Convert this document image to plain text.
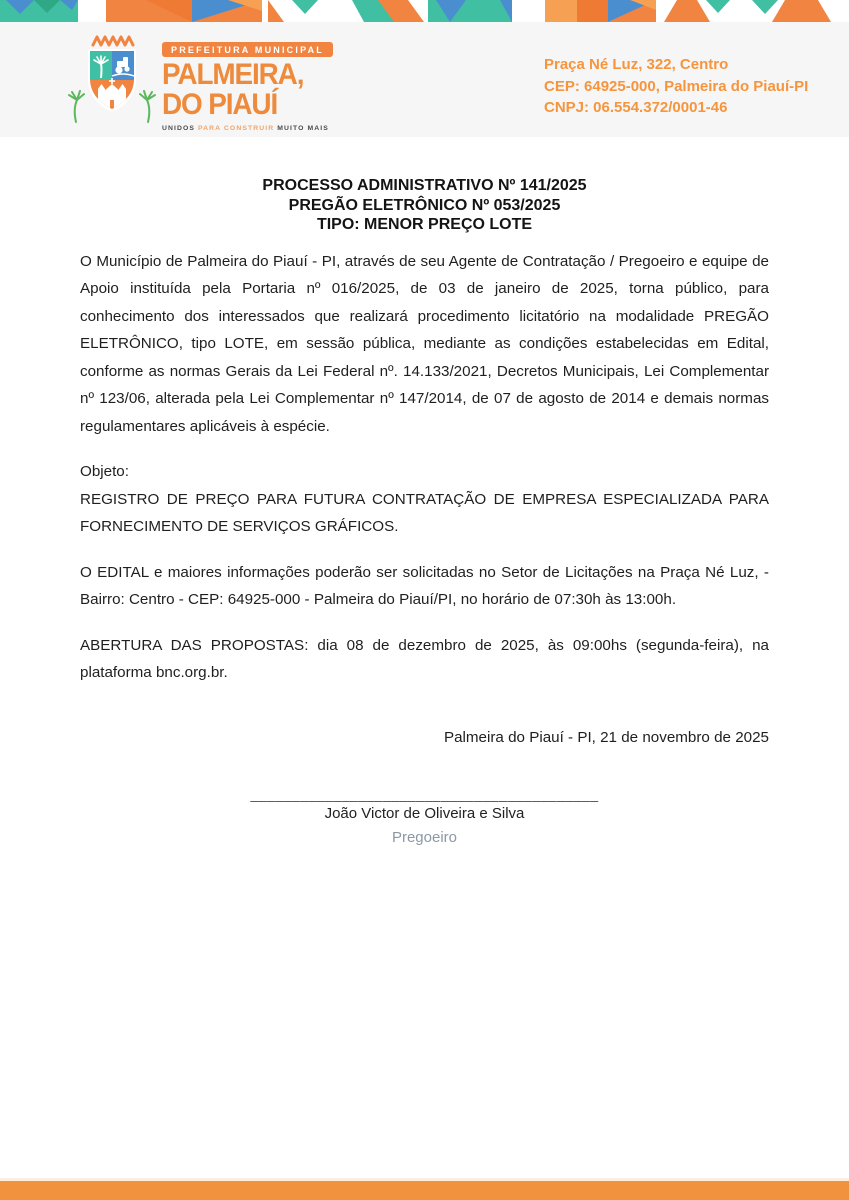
PREFEITURA MUNICIPAL
PALMEIRA,
DO PIAUÍ
UNIDOS PARA CONSTRUIR MUITO MAIS
Praça Né Luz, 322, Centro
CEP: 64925-000, Palmeira do Piauí-PI
CNPJ: 06.554.372/0001-46
PROCESSO ADMINISTRATIVO Nº 141/2025
PREGÃO ELETRÔNICO Nº 053/2025
TIPO: MENOR PREÇO LOTE

O Município de Palmeira do Piauí - PI, através de seu Agente de Contratação / Pregoeiro e equipe de Apoio instituída pela Portaria nº 016/2025, de 03 de janeiro de 2025, torna público, para conhecimento dos interessados que realizará procedimento licitatório na modalidade PREGÃO ELETRÔNICO, tipo LOTE, em sessão pública, mediante as condições estabelecidas em Edital, conforme as normas Gerais da Lei Federal nº. 14.133/2021, Decretos Municipais, Lei Complementar nº 123/06, alterada pela Lei Complementar nº 147/2014, de 07 de agosto de 2014 e demais normas regulamentares aplicáveis à espécie.

Objeto:
REGISTRO DE PREÇO PARA FUTURA CONTRATAÇÃO DE EMPRESA ESPECIALIZADA PARA FORNECIMENTO DE SERVIÇOS GRÁFICOS.

O EDITAL e maiores informações poderão ser solicitadas no Setor de Licitações na Praça Né Luz, - Bairro: Centro - CEP: 64925-000 - Palmeira do Piauí/PI, no horário de 07:30h às 13:00h.

ABERTURA DAS PROPOSTAS: dia 08 de dezembro de 2025, às 09:00hs (segunda-feira), na plataforma bnc.org.br.

Palmeira do Piauí - PI, 21 de novembro de 2025
__________________________________________
João Victor de Oliveira e Silva
Pregoeiro
